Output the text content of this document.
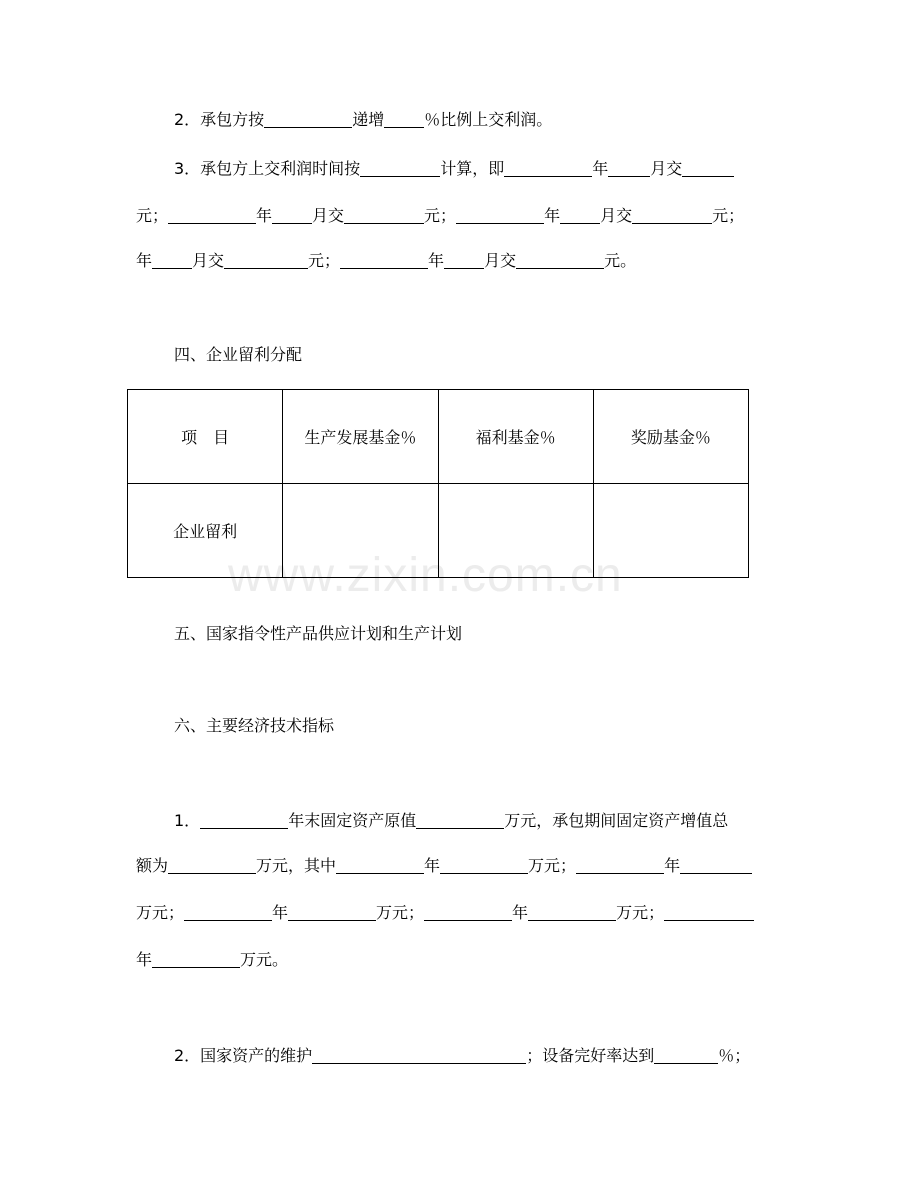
www.zixin.com.cn
2．承包方按	递增	％比例上交利润。
3．承包方上交利润时间按	计算，即	年	月交
元；	年	月交	元；	年	月交	元；
年	月交	元；	年	月交	元。
四、企业留利分配
项　目	生产发展基金％	福利基金％	奖励基金％
企业留利			
五、国家指令性产品供应计划和生产计划
六、主要经济技术指标
1．	年末固定资产原值	万元，承包期间固定资产增值总
额为	万元，其中	年	万元；	年
万元；	年	万元；	年	万元；
年	万元。
2．国家资产的维护	；设备完好率达到	％；
